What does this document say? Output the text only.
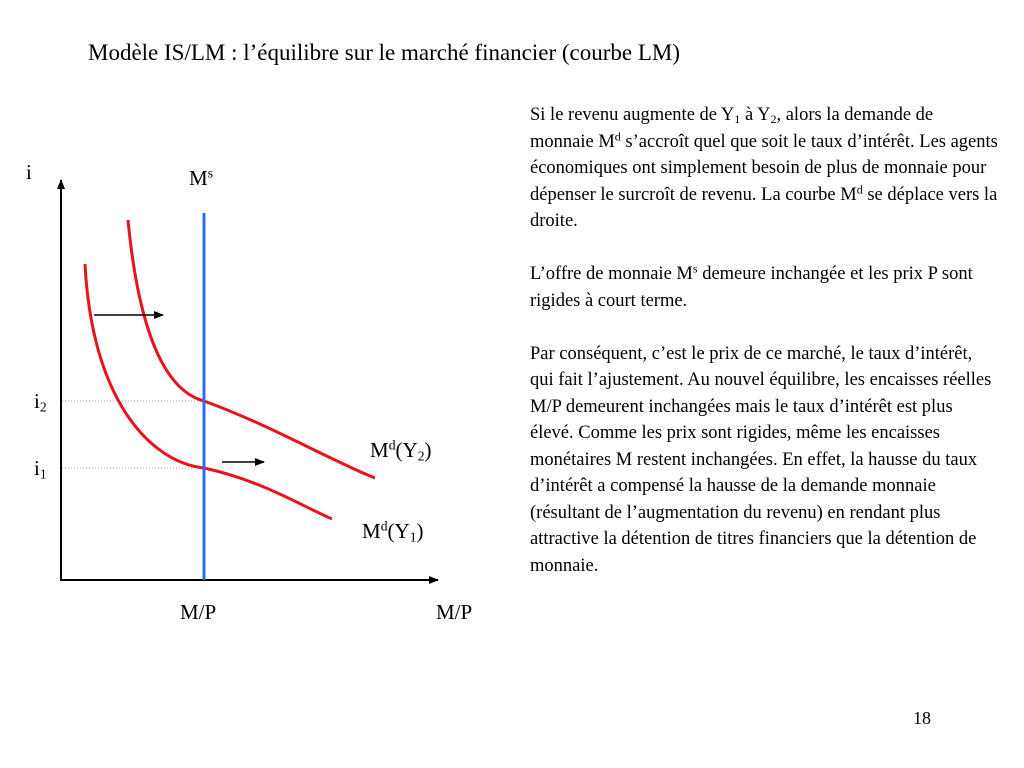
Modèle IS/LM : l’équilibre sur le marché financier (courbe LM)
i	$M^s$
$i_2$
$i_1$
$M^d(Y_2)$
$M^d(Y_1)$
M/P	M/P

Si le revenu augmente de $Y_1$ à $Y_2$, alors la demande de monnaie $M^d$ s’accroît quel que soit le taux d’intérêt. Les agents économiques ont simplement besoin de plus de monnaie pour dépenser le surcroît de revenu. La courbe $M^d$ se déplace vers la droite.

L’offre de monnaie $M^s$ demeure inchangée et les prix P sont rigides à court terme.

Par conséquent, c’est le prix de ce marché, le taux d’intérêt, qui fait l’ajustement. Au nouvel équilibre, les encaisses réelles M/P demeurent inchangées mais le taux d’intérêt est plus élevé. Comme les prix sont rigides, même les encaisses monétaires M restent inchangées. En effet, la hausse du taux d’intérêt a compensé la hausse de la demande monnaie (résultant de l’augmentation du revenu) en rendant plus attractive la détention de titres financiers que la détention de monnaie.

18
